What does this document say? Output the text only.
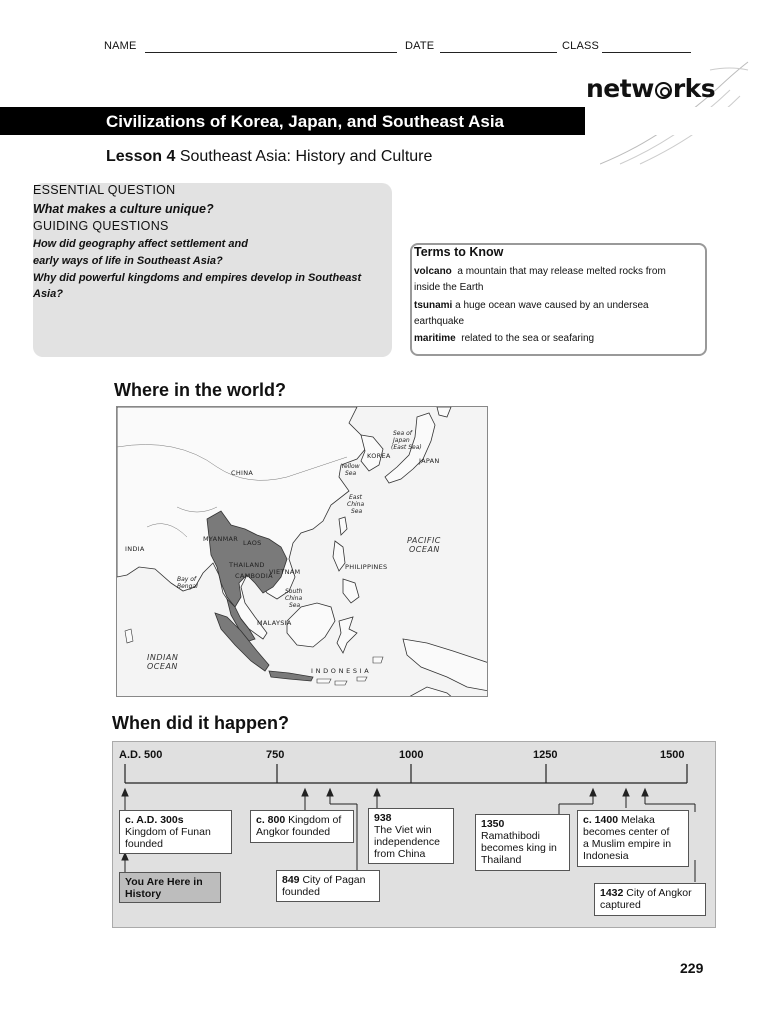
NAME	DATE	CLASS
netw rks
Civilizations of Korea, Japan, and Southeast Asia
Lesson 4 Southeast Asia: History and Culture
ESSENTIAL QUESTION
What makes a culture unique?
GUIDING QUESTIONS
How did geography affect settlement and
early ways of life in Southeast Asia?
Why did powerful kingdoms and empires develop in Southeast
Asia?
Terms to Know
volcano a mountain that may release melted rocks from
inside the Earth
tsunami a huge ocean wave caused by an undersea
earthquake
maritime related to the sea or seafaring
Where in the world?
CHINA
KOREA
JAPAN
Sea of
Japan
(East Sea)
Yellow
Sea
East
China
Sea
PACIFIC
OCEAN
INDIA
MYANMAR LAOS
THAILAND
CAMBODIA
VIETNAM
PHILIPPINES
Bay of
Bengal
South
China
Sea
MALAYSIA
INDIAN
OCEAN	I N D O N E S I A
When did it happen?
A.D. 500	750	1000	1250	1500
c. A.D. 300s
Kingdom of Funan
founded
You Are Here in
History
c. 800 Kingdom of
Angkor founded
849 City of Pagan
founded
938
The Viet win
independence
from China
1350
Ramathibodi
becomes king in
Thailand
c. 1400 Melaka
becomes center of
a Muslim empire in
Indonesia
1432 City of Angkor
captured
229
